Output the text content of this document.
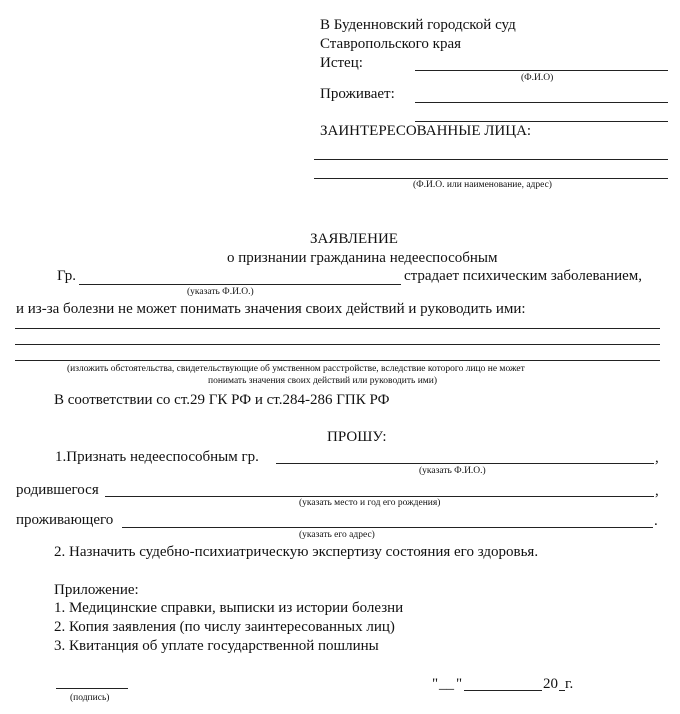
В Буденновский городской суд
Ставропольского края
Истец:
(Ф.И.О)
Проживает:
ЗАИНТЕРЕСОВАННЫЕ ЛИЦА:
(Ф.И.О. или наименование, адрес)
ЗАЯВЛЕНИЕ
о признании гражданина недееспособным
Гр.	страдает психическим заболеванием,
(указать Ф.И.О.)
и из-за болезни не может понимать значения своих действий и руководить ими:
(изложить обстоятельства, свидетельствующие об умственном расстройстве, вследствие которого лицо не может
понимать значения своих действий или руководить ими)
В соответствии со ст.29 ГК РФ и ст.284-286 ГПК РФ
ПРОШУ:
1.Признать недееспособным гр.	,
(указать Ф.И.О.)
родившегося	,
(указать место и год его рождения)
проживающего	.
(указать его адрес)
2. Назначить судебно-психиатрическую экспертизу состояния его здоровья.
Приложение:
1. Медицинские справки, выписки из истории болезни
2. Копия заявления (по числу заинтересованных лиц)
3. Квитанция об уплате государственной пошлины
(подпись)
" __ "	20 г.
